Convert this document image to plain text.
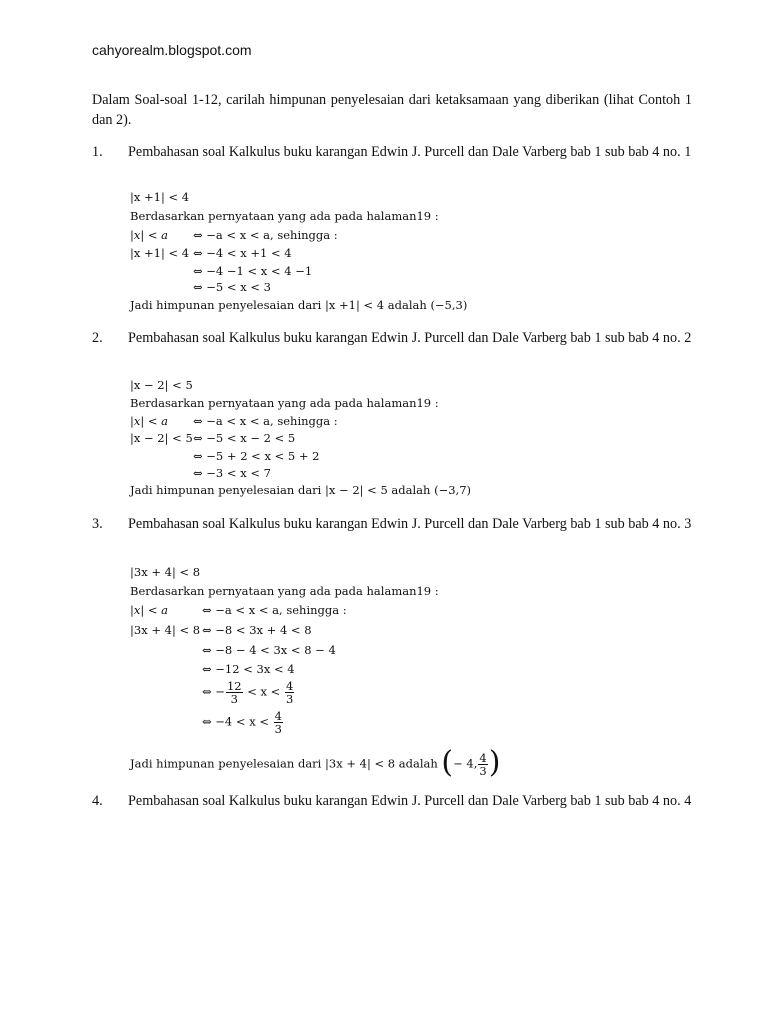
cahyorealm.blogspot.com
Dalam Soal-soal 1-12, carilah himpunan penyelesaian dari ketaksamaan yang diberikan (lihat Contoh 1 dan 2).
1. Pembahasan soal Kalkulus buku karangan Edwin J. Purcell dan Dale Varberg bab 1 sub bab 4 no. 1
|x +1| < 4
Berdasarkan pernyataan yang ada pada halaman19 :
|x| < a ⇔ −a < x < a, sehingga :
|x +1| < 4 ⇔ −4 < x +1 < 4
⇔ −4 −1 < x < 4 −1
⇔ −5 < x < 3
Jadi himpunan penyelesaian dari |x +1| < 4 adalah (−5,3)
2. Pembahasan soal Kalkulus buku karangan Edwin J. Purcell dan Dale Varberg bab 1 sub bab 4 no. 2
|x − 2| < 5
Berdasarkan pernyataan yang ada pada halaman19 :
|x| < a ⇔ −a < x < a, sehingga :
|x − 2| < 5 ⇔ −5 < x − 2 < 5
⇔ −5 + 2 < x < 5 + 2
⇔ −3 < x < 7
Jadi himpunan penyelesaian dari |x − 2| < 5 adalah (−3,7)
3. Pembahasan soal Kalkulus buku karangan Edwin J. Purcell dan Dale Varberg bab 1 sub bab 4 no. 3
|3x + 4| < 8
Berdasarkan pernyataan yang ada pada halaman19 :
|x| < a	⇔ −a < x < a, sehingga :
|3x + 4| < 8 ⇔ −8 < 3x + 4 < 8
⇔ −8 − 4 < 3x < 8 − 4
⇔ −12 < 3x < 4
⇔ − $\frac{12}{3} < x < \frac{4}{3}$
⇔ $-4 < x < \frac{4}{3}$
Jadi himpunan penyelesaian dari |3x + 4| < 8 adalah (− 4, $\frac{4}{3}$ )
4. Pembahasan soal Kalkulus buku karangan Edwin J. Purcell dan Dale Varberg bab 1 sub bab 4 no. 4
